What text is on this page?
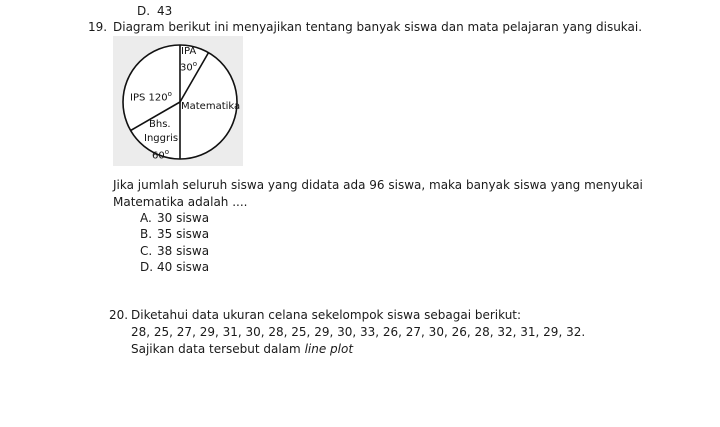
D. 43
19. Diagram berikut ini menyajikan tentang banyak siswa dan mata pelajaran yang disukai.
IPA
30$^o$
IPS 120$^o$
Matematika
Bhs.
Inggris
60$^o$
Jika jumlah seluruh siswa yang didata ada 96 siswa, maka banyak siswa yang menyukai
Matematika adalah ....
A. 30 siswa
B. 35 siswa
C. 38 siswa
D. 40 siswa
20. Diketahui data ukuran celana sekelompok siswa sebagai berikut:
28, 25, 27, 29, 31, 30, 28, 25, 29, 30, 33, 26, 27, 30, 26, 28, 32, 31, 29, 32.
Sajikan data tersebut dalam line plot
